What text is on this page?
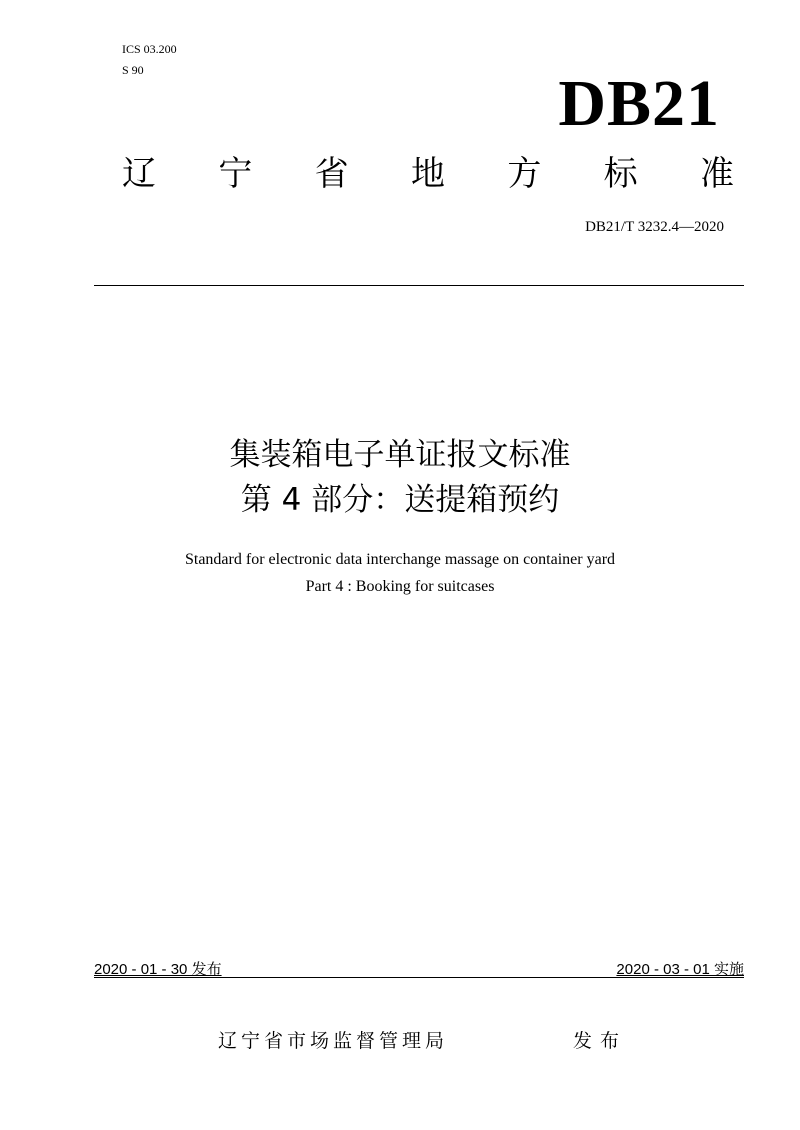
ICS 03.200
S 90	DB21
辽 宁 省 地 方 标 准
DB21/T 3232.4—2020
集装箱电子单证报文标准
第 4 部分：送提箱预约
Standard for electronic data interchange massage on container yard
Part 4 : Booking for suitcases
2020 - 01 - 30 发布	2020 - 03 - 01 实施
辽宁省市场监督管理局	发布
